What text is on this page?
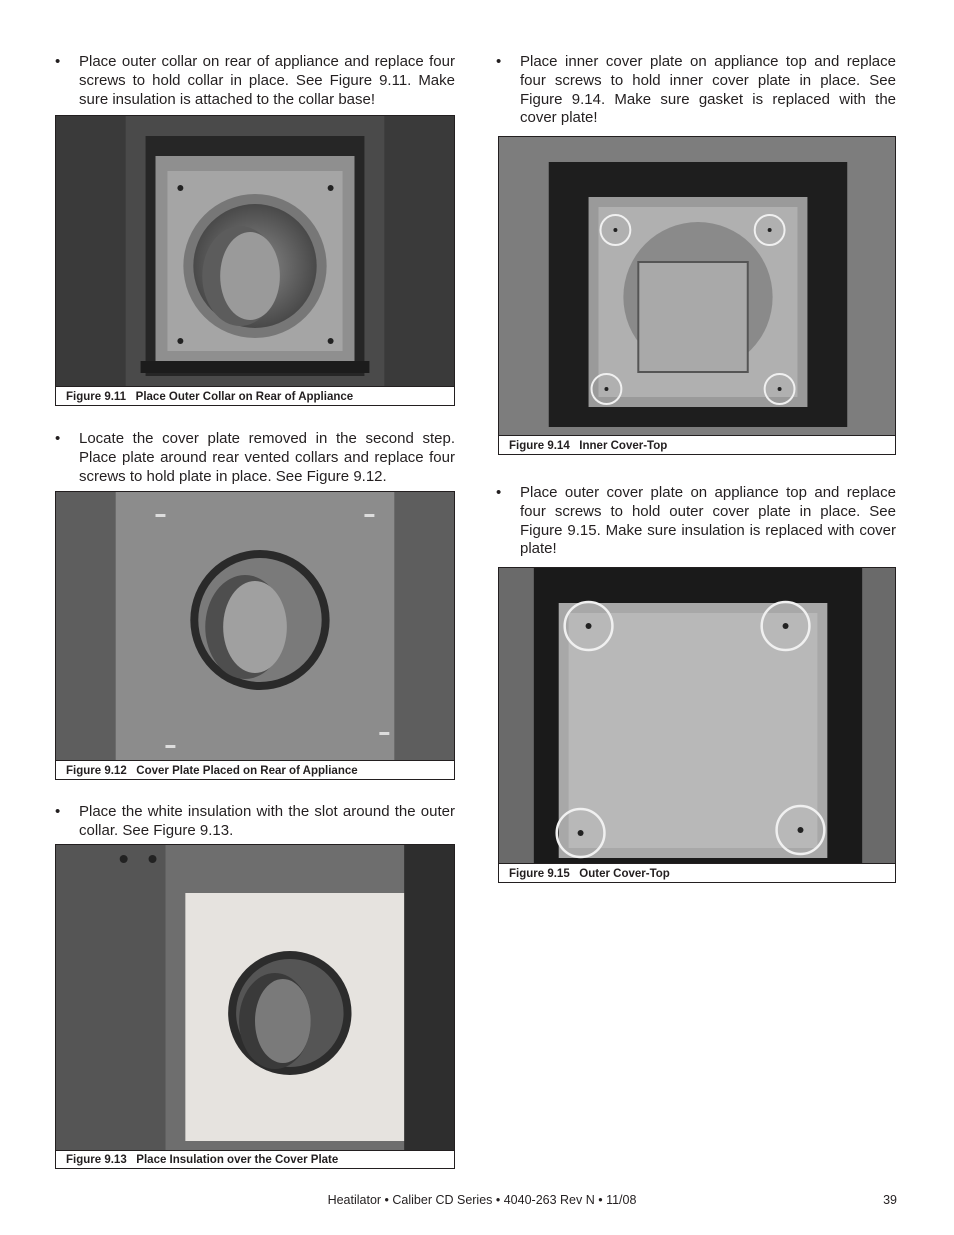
• Place outer collar on rear of appliance and replace four screws to hold collar in place. See Figure 9.11. Make sure insulation is attached to the collar base!
Figure 9.11   Place Outer Collar on Rear of Appliance
• Locate the cover plate removed in the second step. Place plate around rear vented collars and replace four screws to hold plate in place. See Figure 9.12.
Figure 9.12   Cover Plate Placed on Rear of Appliance
• Place the white insulation with the slot around the outer collar. See Figure 9.13.
Figure 9.13   Place Insulation over the Cover Plate
• Place inner cover plate on appliance top and replace four screws to hold inner cover plate in place. See Figure 9.14. Make sure gasket is replaced with the cover plate!
Figure 9.14   Inner Cover-Top
• Place outer cover plate on appliance top and replace four screws to hold outer cover plate in place. See Figure 9.15. Make sure insulation is replaced with cover plate!
Figure 9.15   Outer Cover-Top
Heatilator • Caliber CD Series • 4040-263 Rev N • 11/08	39
